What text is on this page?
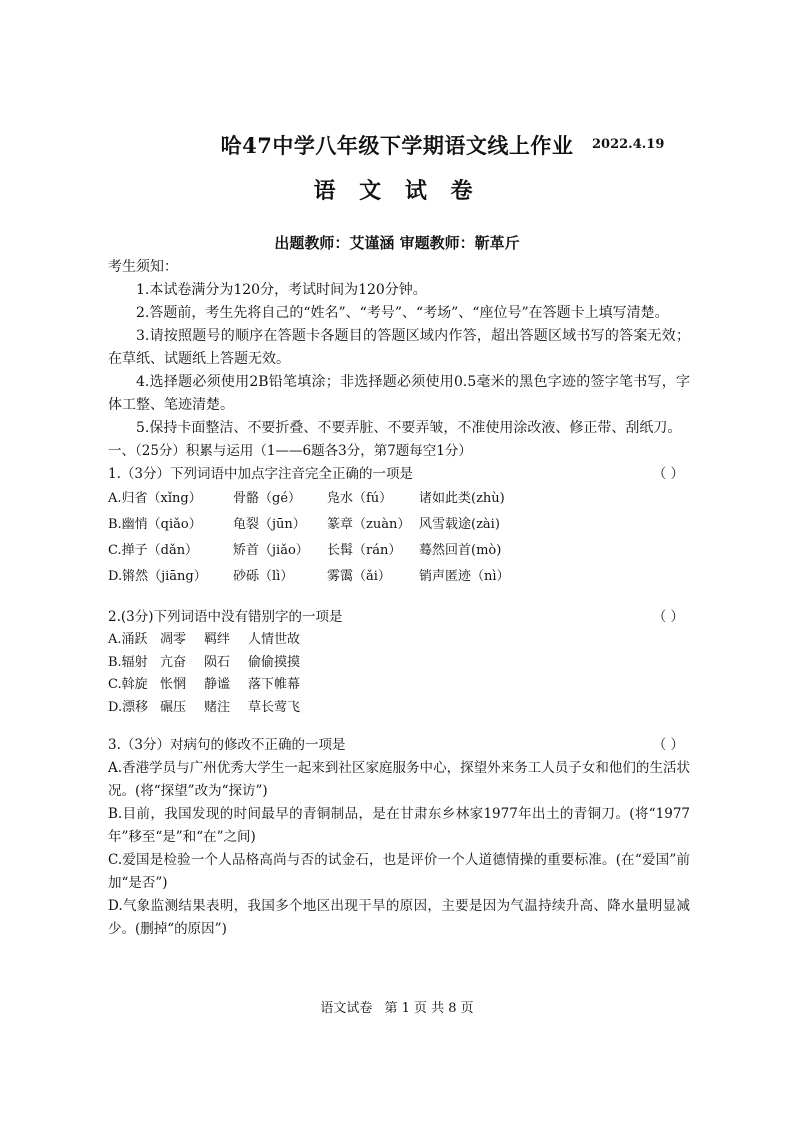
哈47中学八年级下学期语文线上作业	2022.4.19
语 文 试 卷
出题教师：艾谨涵 审题教师：靳革斤

考生须知：

1.本试卷满分为120分，考试时间为120分钟。

2.答题前，考生先将自己的“姓名”、“考号”、“考场”、“座位号”在答题卡上填写清楚。

3.请按照题号的顺序在答题卡各题目的答题区域内作答，超出答题区域书写的答案无效；在草纸、试题纸上答题无效。

4.选择题必须使用2B铅笔填涂；非选择题必须使用0.5毫米的黑色字迹的签字笔书写，字体工整、笔迹清楚。

5.保持卡面整洁、不要折叠、不要弄脏、不要弄皱，不准使用涂改液、修正带、刮纸刀。

一、（25分）积累与运用（1——6题各3分，第7题每空1分）

1.（3分）下列词语中加点字注音完全正确的一项是	（ ）

A.归省（xǐng） 骨骼（gé） 凫水（fú） 诸如此类(zhù)

B.幽悄（qiǎo） 龟裂（jūn） 篆章（zuàn） 风雪载途(zài)

C.掸子（dǎn）	矫首（jiǎo） 长髯（rán） 蓦然回首(mò)

D.锵然（jiāng） 砂砾（lì）	雾霭（ǎi） 销声匿迹（nì）

2.(3分)下列词语中没有错别字的一项是	（ ）

A.涌跃 凋零 羁绊 人情世故

B.辐射 亢奋 陨石 偷偷摸摸

C.斡旋 怅惘 静谧 落下帷幕

D.漂移 碾压 赌注 草长莺飞

3.（3分）对病句的修改不正确的一项是	（ ）

A.香港学员与广州优秀大学生一起来到社区家庭服务中心，探望外来务工人员子女和他们的生活状况。(将“探望”改为“探访”)

B.目前，我国发现的时间最早的青铜制品，是在甘肃东乡林家1977年出土的青铜刀。(将“1977年”移至“是”和“在”之间)

C.爱国是检验一个人品格高尚与否的试金石，也是评价一个人道德情操的重要标准。(在“爱国”前加“是否”)

D.气象监测结果表明，我国多个地区出现干旱的原因，主要是因为气温持续升高、降水量明显减少。(删掉“的原因”)

语文试卷 第 1 页 共 8 页
